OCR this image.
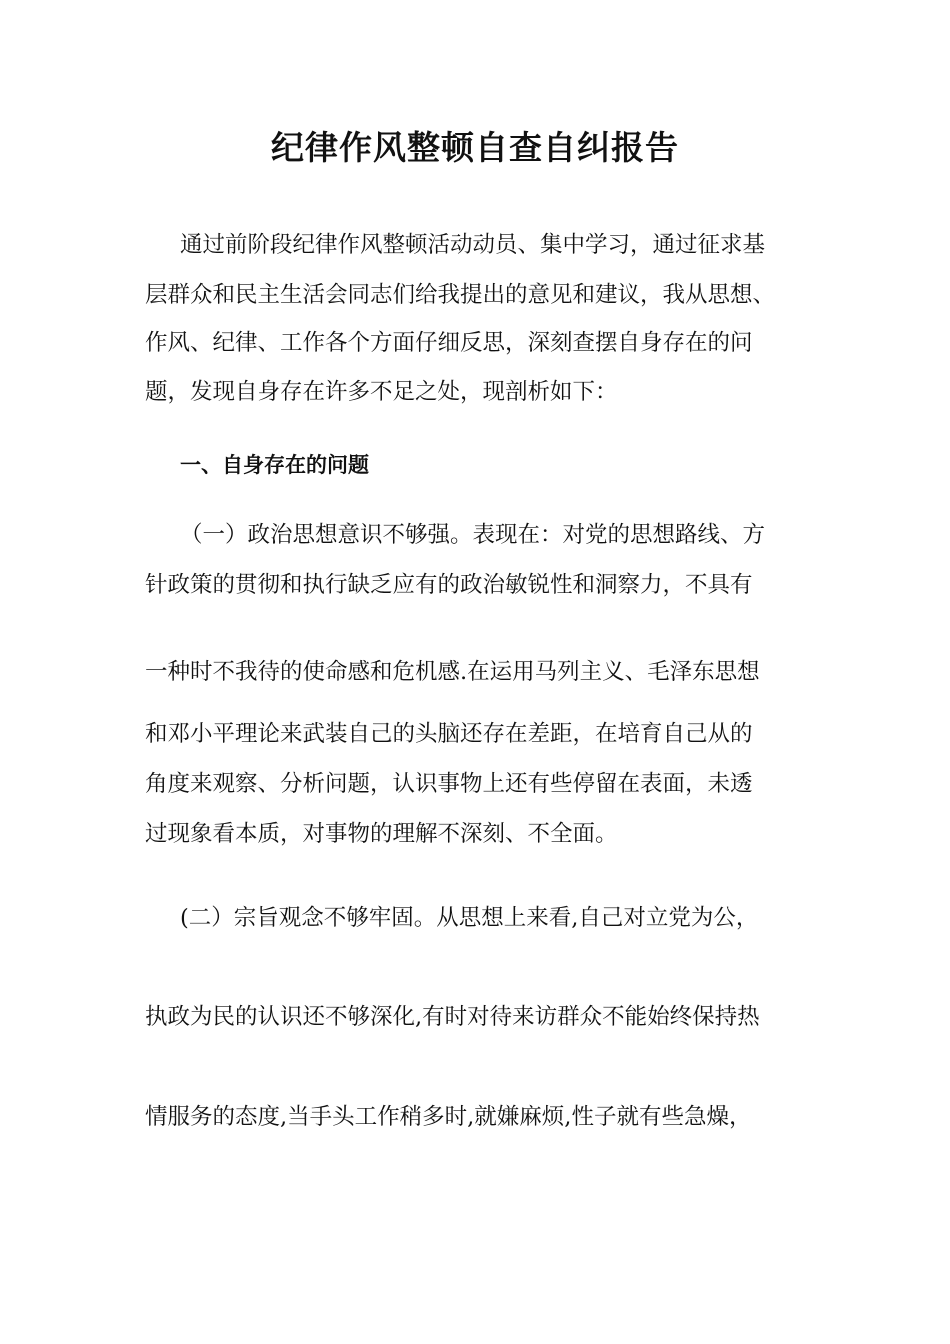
纪律作风整顿自查自纠报告

通过前阶段纪律作风整顿活动动员、集中学习，通过征求基

层群众和民主生活会同志们给我提出的意见和建议，我从思想、

作风、纪律、工作各个方面仔细反思，深刻查摆自身存在的问

题，发现自身存在许多不足之处，现剖析如下：

一、自身存在的问题

（一）政治思想意识不够强。表现在：对党的思想路线、方

针政策的贯彻和执行缺乏应有的政治敏锐性和洞察力，不具有

一种时不我待的使命感和危机感.在运用马列主义、毛泽东思想

和邓小平理论来武装自己的头脑还存在差距，在培育自己从的

角度来观察、分析问题，认识事物上还有些停留在表面，未透

过现象看本质，对事物的理解不深刻、不全面。

(二）宗旨观念不够牢固。从思想上来看,自己对立党为公，

执政为民的认识还不够深化,有时对待来访群众不能始终保持热

情服务的态度,当手头工作稍多时,就嫌麻烦,性子就有些急燥，
